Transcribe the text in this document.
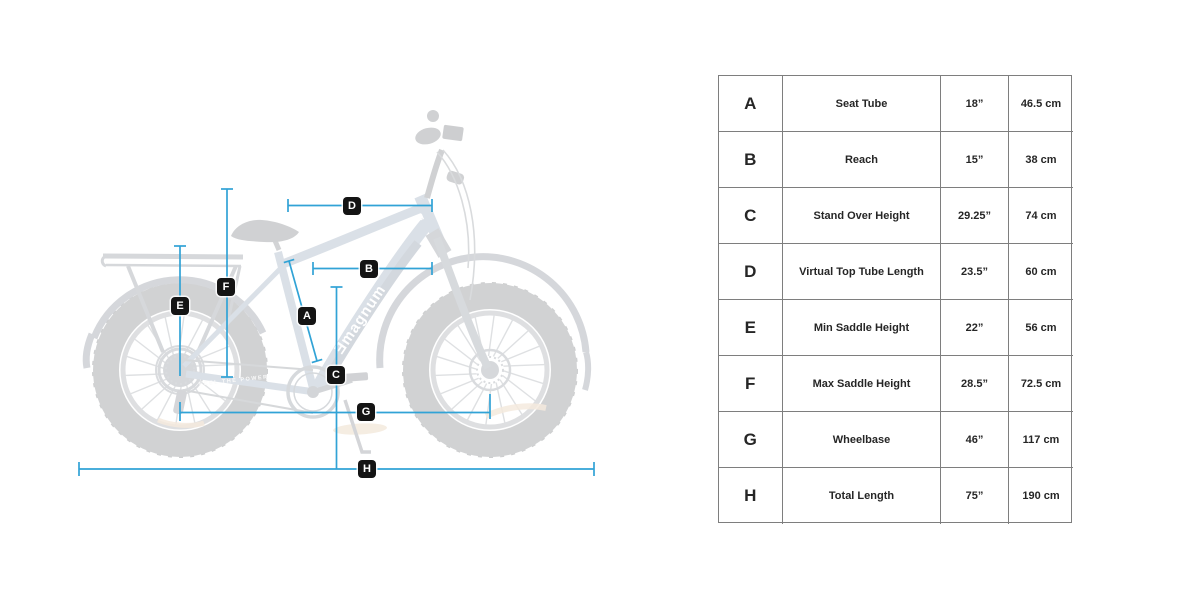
Ǝmagnum
Nomad
FEEL THE POWER
A
B
C
D
E
F
G
H
A	Seat Tube	18”	46.5 cm
B	Reach	15”	38 cm
C	Stand Over Height	29.25”	74 cm
D	Virtual Top Tube Length	23.5”	60 cm
E	Min Saddle Height	22”	56 cm
F	Max Saddle Height	28.5”	72.5 cm
G	Wheelbase	46”	117 cm
H	Total Length	75”	190 cm
